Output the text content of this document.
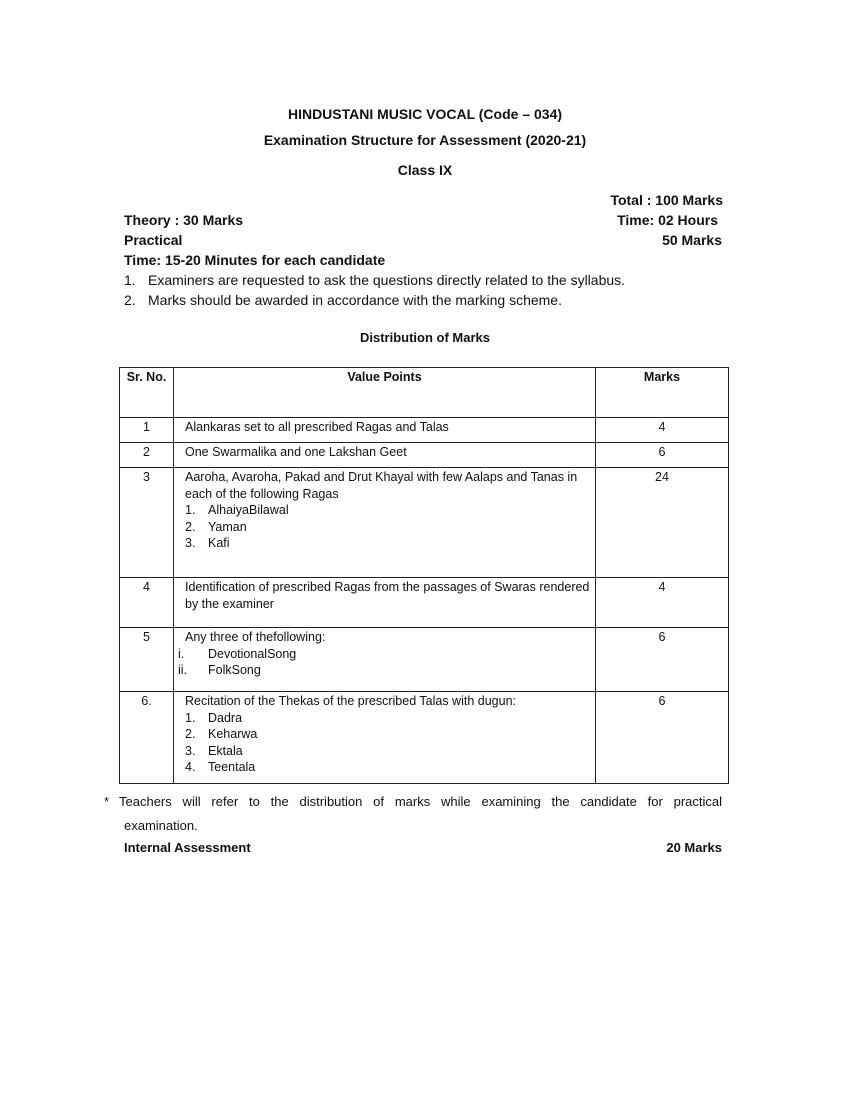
HINDUSTANI MUSIC VOCAL (Code – 034)
Examination Structure for Assessment (2020-21)
Class IX
Total : 100 Marks
Theory : 30 Marks	Time: 02 Hours
Practical	50 Marks
Time: 15-20 Minutes for each candidate
1. Examiners are requested to ask the questions directly related to the syllabus.
2. Marks should be awarded in accordance with the marking scheme.
Distribution of Marks
Sr. No.	Value Points	Marks
1	Alankaras set to all prescribed Ragas and Talas	4
2	One Swarmalika and one Lakshan Geet	6
3	Aaroha, Avaroha, Pakad and Drut Khayal with few Aalaps and Tanas in each of the following Ragas
1. AlhaiyaBilawal
2. Yaman
3. Kafi	24
4	Identification of prescribed Ragas from the passages of Swaras rendered by the examiner	4
5	Any three of thefollowing:
i. DevotionalSong
ii. FolkSong	6
6.	Recitation of the Thekas of the prescribed Talas with dugun:
1. Dadra
2. Keharwa
3. Ektala
4. Teentala	6
* Teachers will refer to the distribution of marks while examining the candidate for practical
examination.
Internal Assessment	20 Marks
